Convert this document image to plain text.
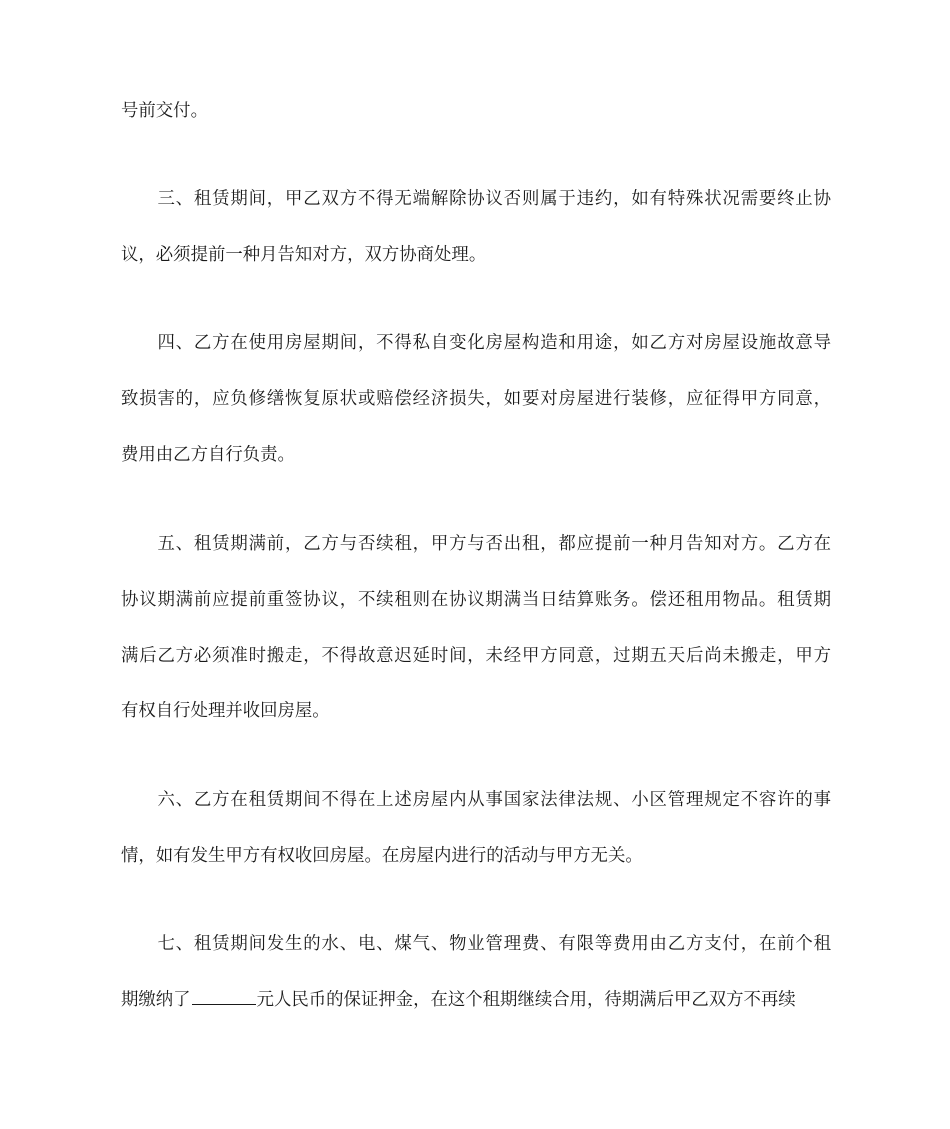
号前交付。
　　三、租赁期间，甲乙双方不得无端解除协议否则属于违约，如有特殊状况需要终止协
议，必须提前一种月告知对方，双方协商处理。
　　四、乙方在使用房屋期间，不得私自变化房屋构造和用途，如乙方对房屋设施故意导
致损害的，应负修缮恢复原状或赔偿经济损失，如要对房屋进行装修，应征得甲方同意，
费用由乙方自行负责。
　　五、租赁期满前，乙方与否续租，甲方与否出租，都应提前一种月告知对方。乙方在
协议期满前应提前重签协议，不续租则在协议期满当日结算账务。偿还租用物品。租赁期
满后乙方必须准时搬走，不得故意迟延时间，未经甲方同意，过期五天后尚未搬走，甲方
有权自行处理并收回房屋。
　　六、乙方在租赁期间不得在上述房屋内从事国家法律法规、小区管理规定不容许的事
情，如有发生甲方有权收回房屋。在房屋内进行的活动与甲方无关。
　　七、租赁期间发生的水、电、煤气、物业管理费、有限等费用由乙方支付，在前个租
期缴纳了	元人民币的保证押金，在这个租期继续合用，待期满后甲乙双方不再续
